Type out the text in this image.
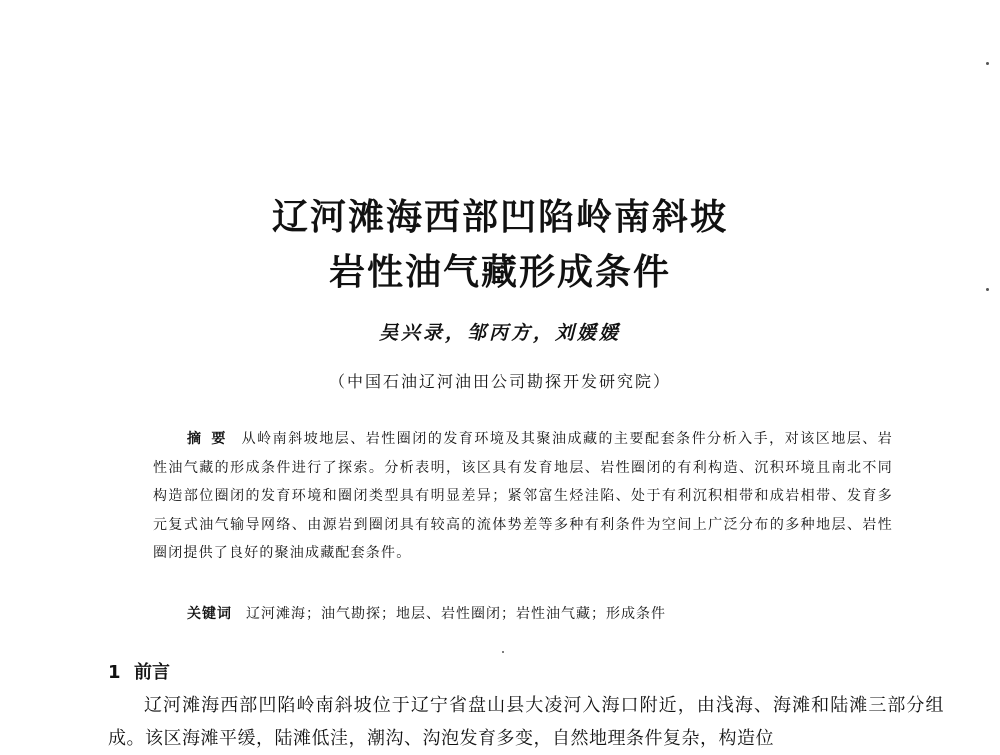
辽河滩海西部凹陷岭南斜坡
岩性油气藏形成条件
吴兴录，邹丙方，刘媛媛
（中国石油辽河油田公司勘探开发研究院）

摘要 从岭南斜坡地层、岩性圈闭的发育环境及其聚油成藏的主要配套条件分析入手，对该区地层、岩性油气藏的形成条件进行了探索。分析表明，该区具有发育地层、岩性圈闭的有利构造、沉积环境且南北不同构造部位圈闭的发育环境和圈闭类型具有明显差异；紧邻富生烃洼陷、处于有利沉积相带和成岩相带、发育多元复式油气输导网络、由源岩到圈闭具有较高的流体势差等多种有利条件为空间上广泛分布的多种地层、岩性圈闭提供了良好的聚油成藏配套条件。

关键词 辽河滩海；油气勘探；地层、岩性圈闭；岩性油气藏；形成条件
1 前言

辽河滩海西部凹陷岭南斜坡位于辽宁省盘山县大凌河入海口附近，由浅海、海滩和陆滩三部分组成。该区海滩平缓，陆滩低洼，潮沟、沟泡发育多变，自然地理条件复杂，构造位
